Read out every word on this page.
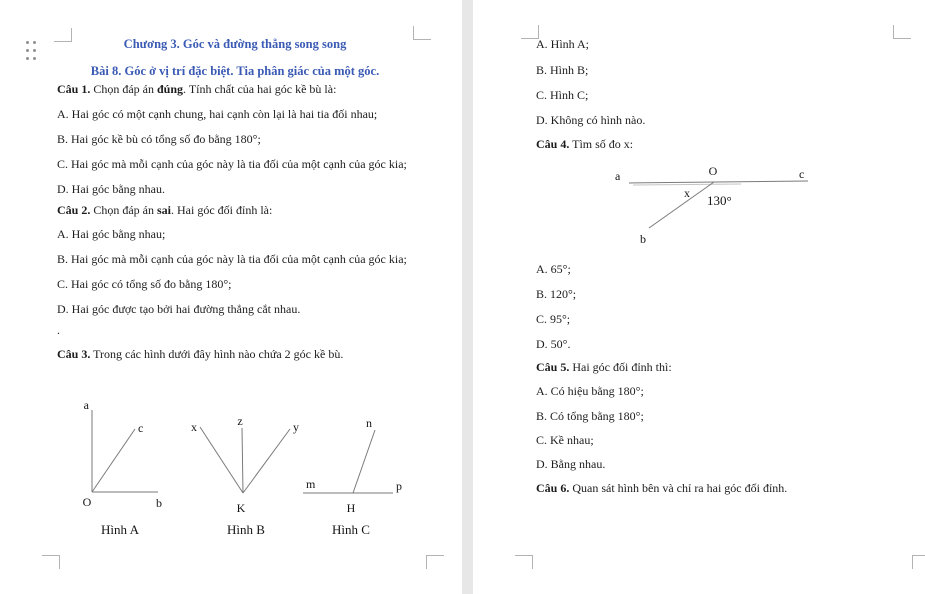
Chương 3. Góc và đường thẳng song song
Bài 8. Góc ở vị trí đặc biệt. Tia phân giác của một góc.
Câu 1. Chọn đáp án đúng. Tính chất của hai góc kề bù là:
A. Hai góc có một cạnh chung, hai cạnh còn lại là hai tia đối nhau;
B. Hai góc kề bù có tổng số đo bằng 180°;
C. Hai góc mà mỗi cạnh của góc này là tia đối của một cạnh của góc kia;
D. Hai góc bằng nhau.
Câu 2. Chọn đáp án sai. Hai góc đối đỉnh là:
A. Hai góc bằng nhau;
B. Hai góc mà mỗi cạnh của góc này là tia đối của một cạnh của góc kia;
C. Hai góc có tổng số đo bằng 180°;
D. Hai góc được tạo bởi hai đường thẳng cắt nhau.
.
Câu 3. Trong các hình dưới đây hình nào chứa 2 góc kề bù.
a
c
O	b
Hình A
x	z	y
K
Hình B
m	p
n
H
Hình C
A. Hình A;
B. Hình B;
C. Hình C;
D. Không có hình nào.
Câu 4. Tìm số đo x:
a	O	c
x 130°
b
A. 65°;
B. 120°;
C. 95°;
D. 50°.
Câu 5. Hai góc đối đỉnh thì:
A. Có hiệu bằng 180°;
B. Có tổng bằng 180°;
C. Kề nhau;
D. Bằng nhau.
Câu 6. Quan sát hình bên và chỉ ra hai góc đối đỉnh.
